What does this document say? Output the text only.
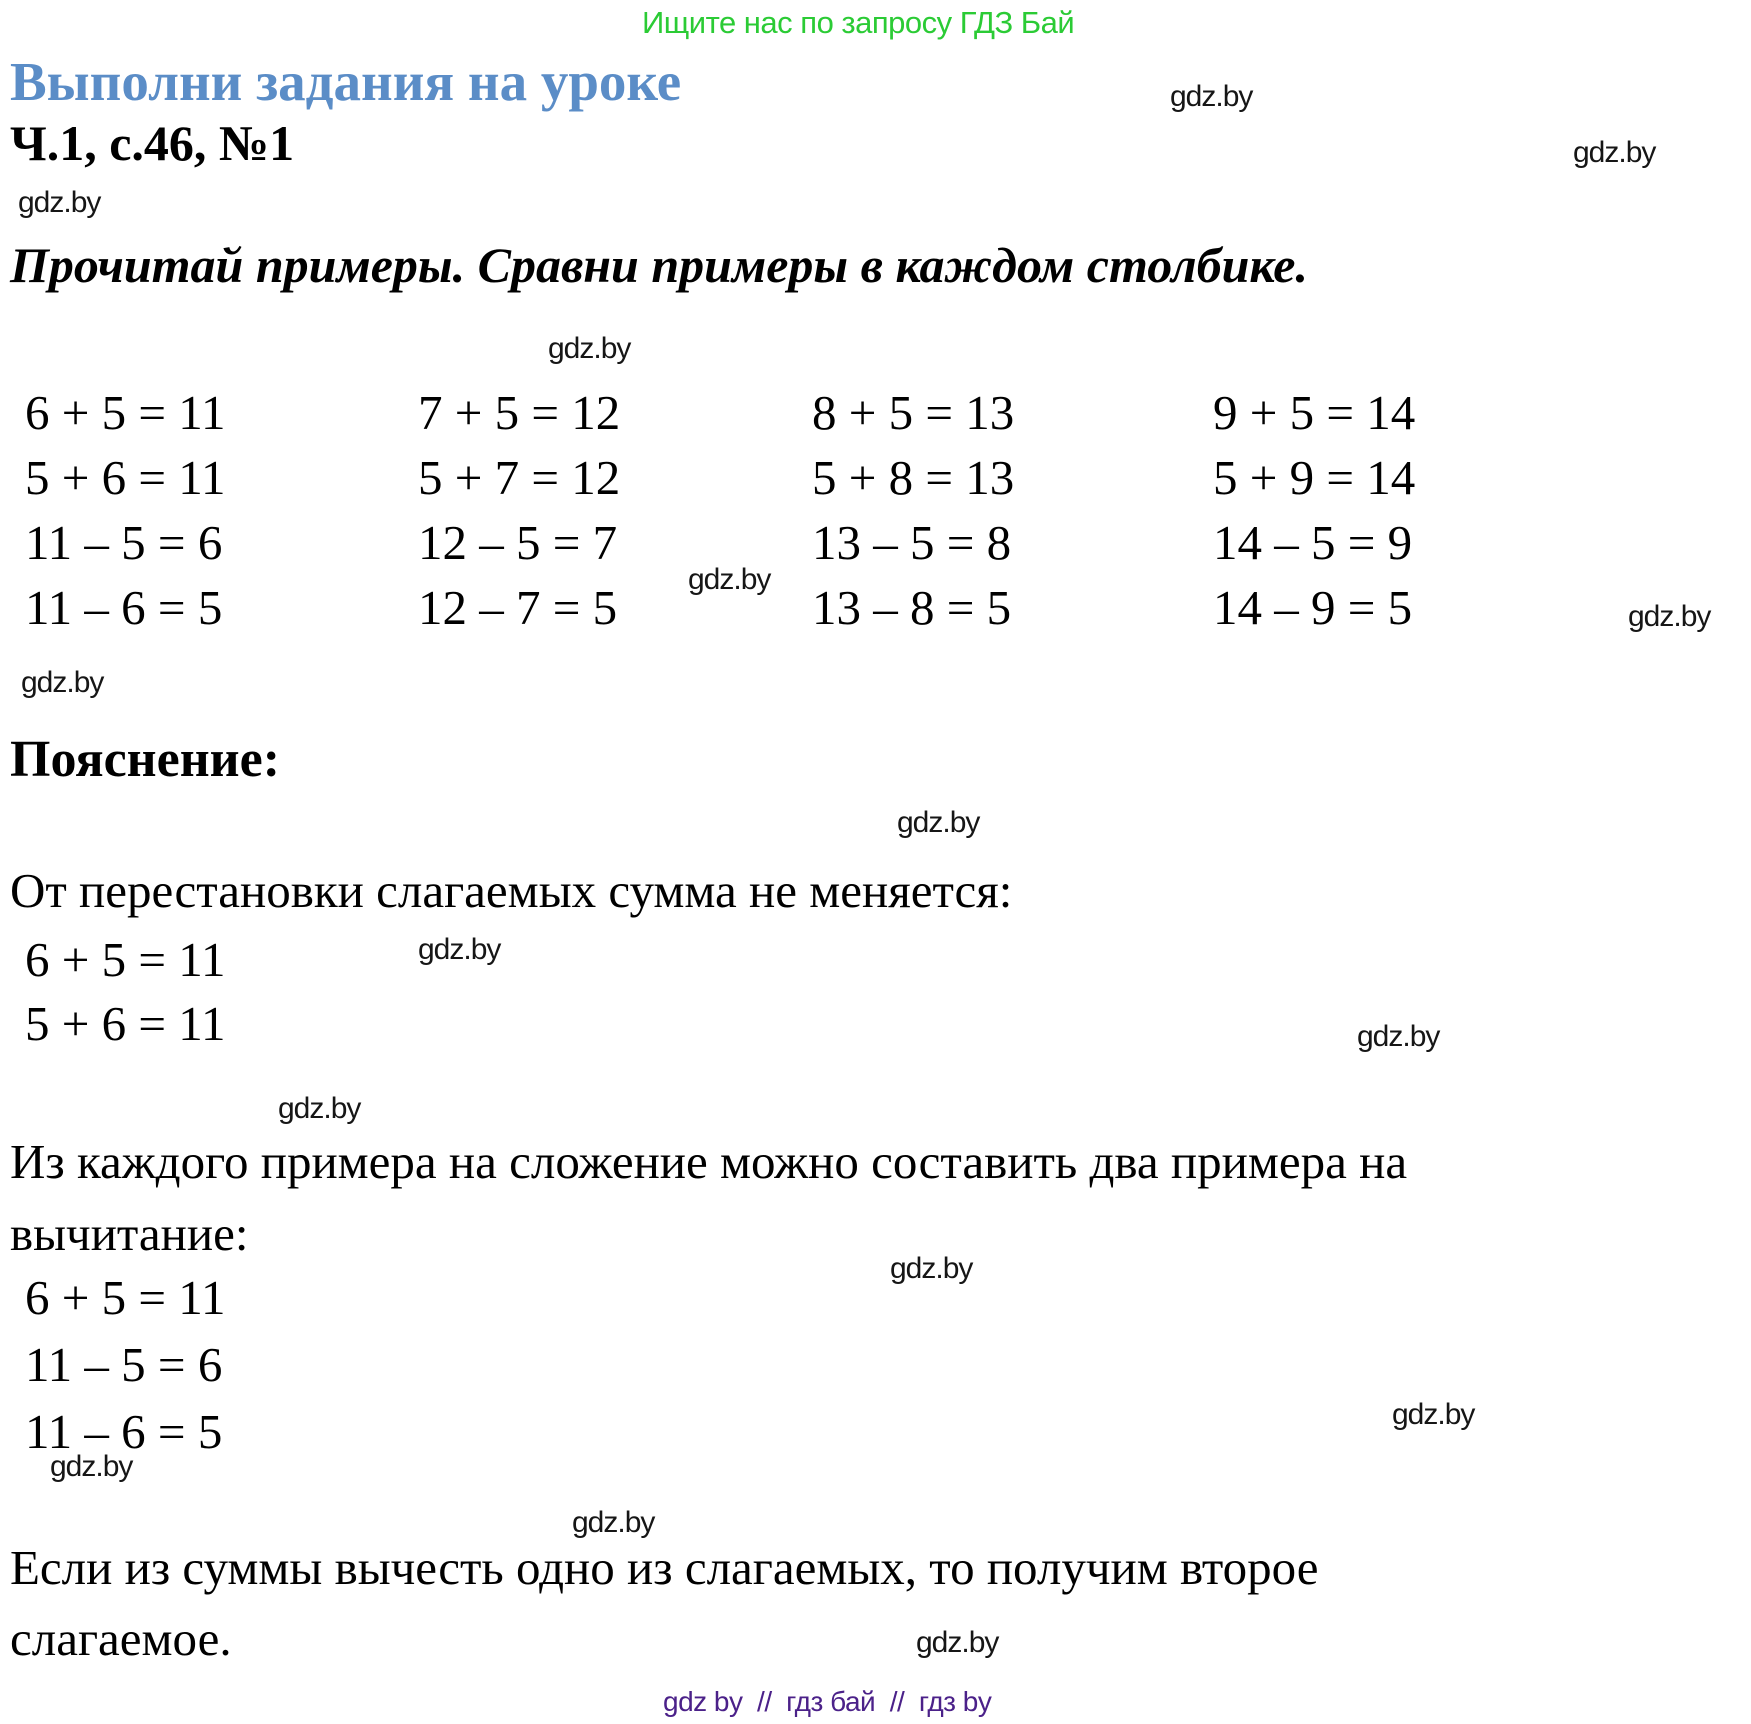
Ищите нас по запросу ГДЗ Бай
Выполни задания на уроке
Ч.1, с.46, №1
Прочитай примеры. Сравни примеры в каждом столбике.
6 + 5 = 11
5 + 6 = 11
11 – 5 = 6
11 – 6 = 5
7 + 5 = 12
5 + 7 = 12
12 – 5 = 7
12 – 7 = 5
8 + 5 = 13
5 + 8 = 13
13 – 5 = 8
13 – 8 = 5
9 + 5 = 14
5 + 9 = 14
14 – 5 = 9
14 – 9 = 5
Пояснение:
От перестановки слагаемых сумма не меняется:
6 + 5 = 11
5 + 6 = 11
Из каждого примера на сложение можно составить два примера на
вычитание:
6 + 5 = 11
11 – 5 = 6
11 – 6 = 5
Если из суммы вычесть одно из слагаемых, то получим второе
слагаемое.
gdz.by
gdz.by
gdz.by
gdz.by
gdz.by
gdz.by
gdz.by
gdz.by
gdz.by
gdz.by
gdz.by
gdz.by
gdz.by
gdz.by
gdz.by
gdz.by
gdz by  //  гдз бай  //  гдз by
